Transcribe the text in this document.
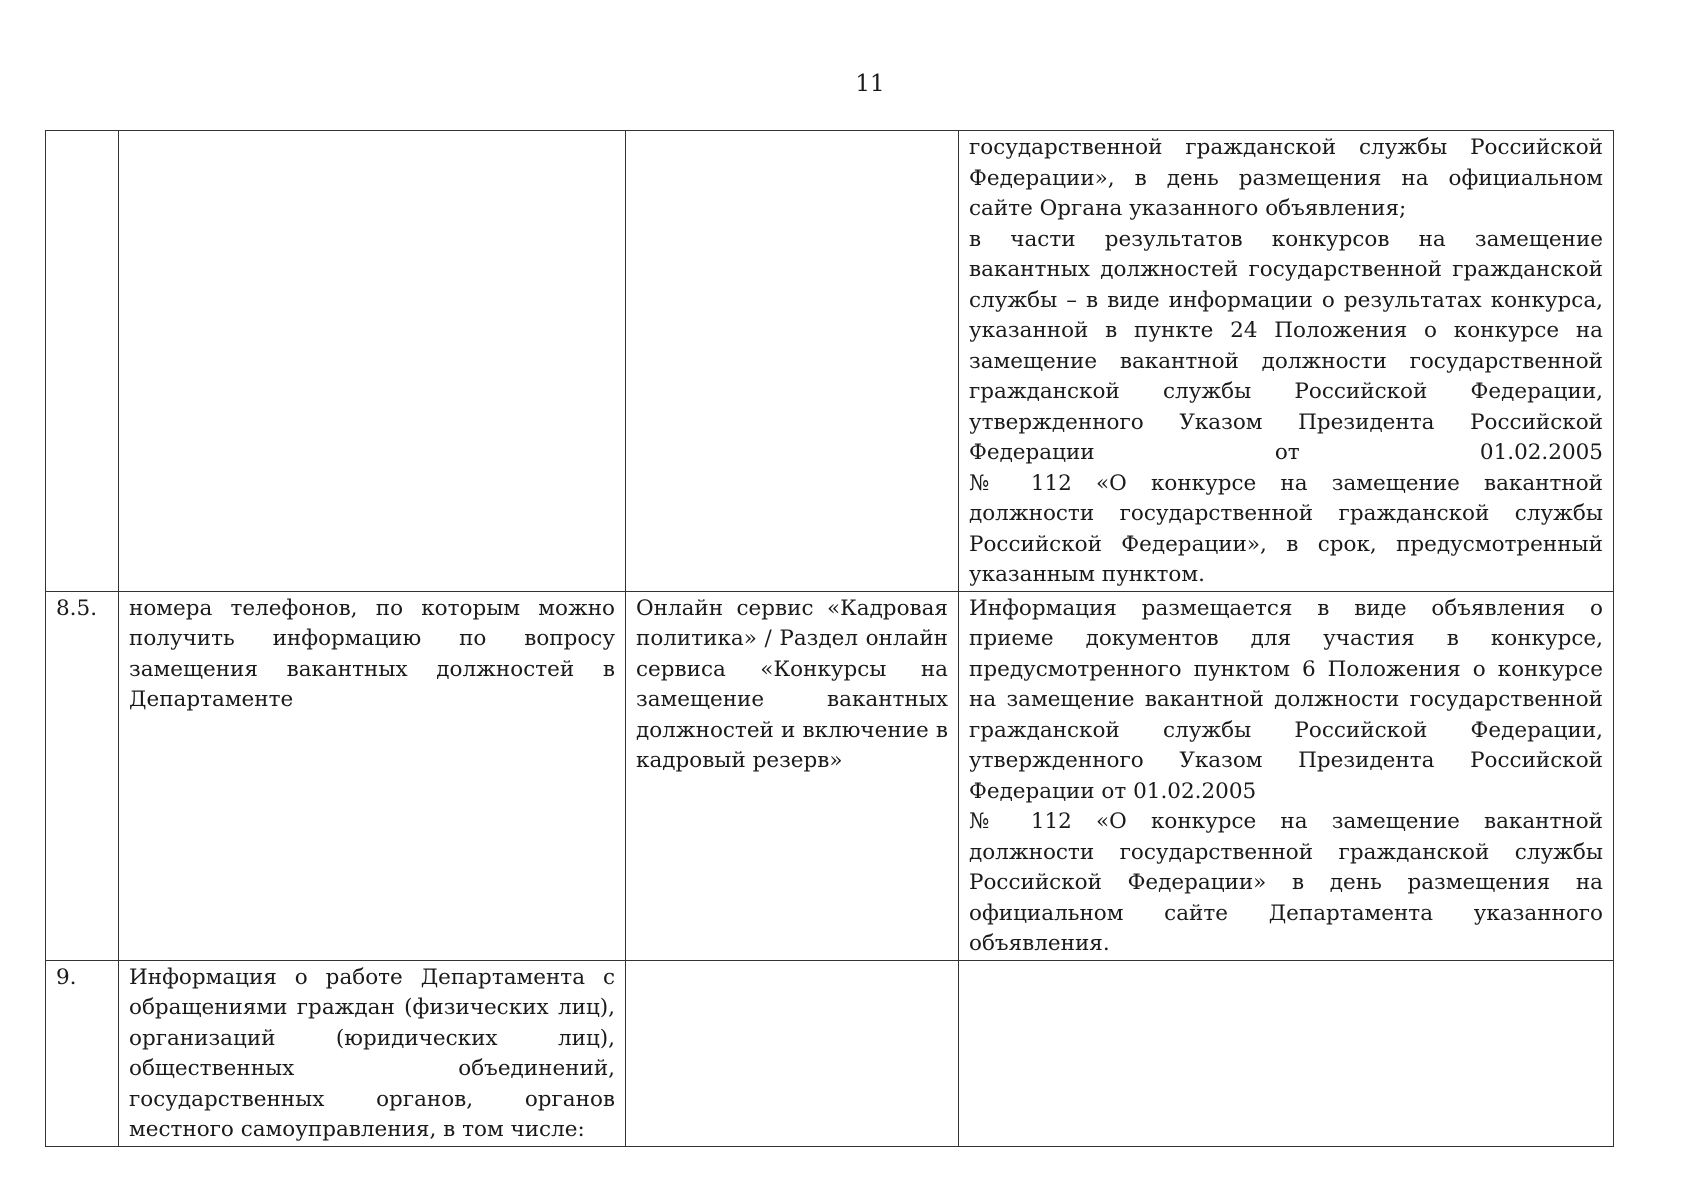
11

			государственной гражданской службы Российской Федерации», в день размещения на официальном сайте Органа указанного объявления;
в части результатов конкурсов на замещение вакантных должностей государственной гражданской службы – в виде информации о результатах конкурса, указанной в пункте 24 Положения о конкурсе на замещение вакантной должности государственной гражданской службы Российской Федерации, утвержденного Указом Президента Российской Федерации от 01.02.2005
№ 112 «О конкурсе на замещение вакантной должности государственной гражданской службы Российской Федерации», в срок, предусмотренный указанным пунктом.

8.5.	номера телефонов, по которым можно получить информацию по вопросу замещения вакантных должностей в Департаменте	Онлайн сервис «Кадровая политика» / Раздел онлайн сервиса «Конкурсы на замещение вакантных должностей и включение в кадровый резерв»	Информация размещается в виде объявления о приеме документов для участия в конкурсе, предусмотренного пунктом 6 Положения о конкурсе на замещение вакантной должности государственной гражданской службы Российской Федерации, утвержденного Указом Президента Российской Федерации от 01.02.2005
№ 112 «О конкурсе на замещение вакантной должности государственной гражданской службы Российской Федерации» в день размещения на официальном сайте Департамента указанного объявления.

9.	Информация о работе Департамента с обращениями граждан (физических лиц), организаций (юридических лиц), общественных объединений, государственных органов, органов местного самоуправления, в том числе:		
